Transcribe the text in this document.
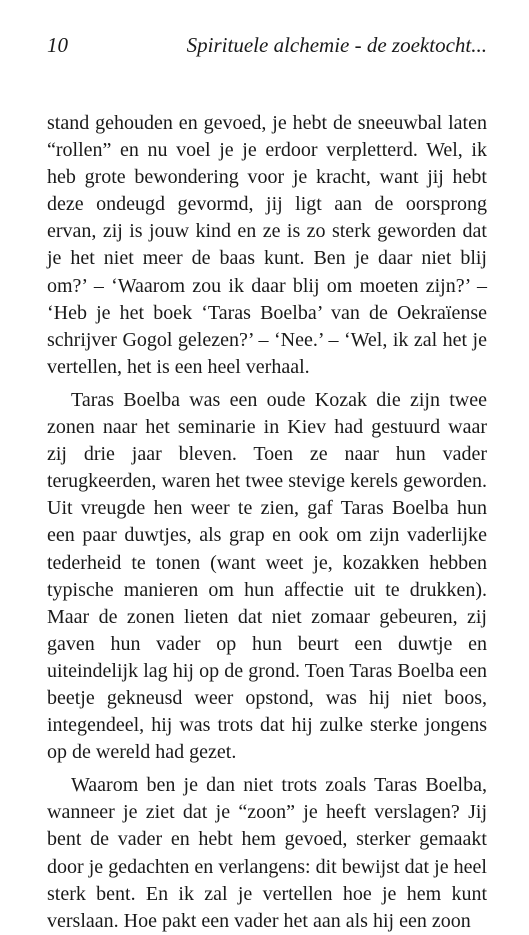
10	Spirituele alchemie - de zoektocht...

stand gehouden en gevoed, je hebt de sneeuwbal laten “rollen” en nu voel je je erdoor verpletterd. Wel, ik heb grote bewondering voor je kracht, want jij hebt deze ondeugd gevormd, jij ligt aan de oorsprong ervan, zij is jouw kind en ze is zo sterk geworden dat je het niet meer de baas kunt. Ben je daar niet blij om?’ – ‘Waarom zou ik daar blij om moeten zijn?’ – ‘Heb je het boek ‘Taras Boelba’ van de Oekraïense schrijver Gogol gelezen?’ – ‘Nee.’ – ‘Wel, ik zal het je vertellen, het is een heel verhaal.

Taras Boelba was een oude Kozak die zijn twee zonen naar het seminarie in Kiev had gestuurd waar zij drie jaar bleven. Toen ze naar hun vader terugkeerden, waren het twee stevige kerels geworden. Uit vreugde hen weer te zien, gaf Taras Boelba hun een paar duwtjes, als grap en ook om zijn vaderlijke tederheid te tonen (want weet je, kozakken hebben typische manieren om hun affectie uit te drukken). Maar de zonen lieten dat niet zomaar gebeuren, zij gaven hun vader op hun beurt een duwtje en uiteindelijk lag hij op de grond. Toen Taras Boelba een beetje gekneusd weer opstond, was hij niet boos, integendeel, hij was trots dat hij zulke sterke jongens op de wereld had gezet.

Waarom ben je dan niet trots zoals Taras Boelba, wanneer je ziet dat je “zoon” je heeft verslagen? Jij bent de vader en hebt hem gevoed, sterker gemaakt door je gedachten en verlangens: dit bewijst dat je heel sterk bent. En ik zal je vertellen hoe je hem kunt verslaan. Hoe pakt een vader het aan als hij een zoon
